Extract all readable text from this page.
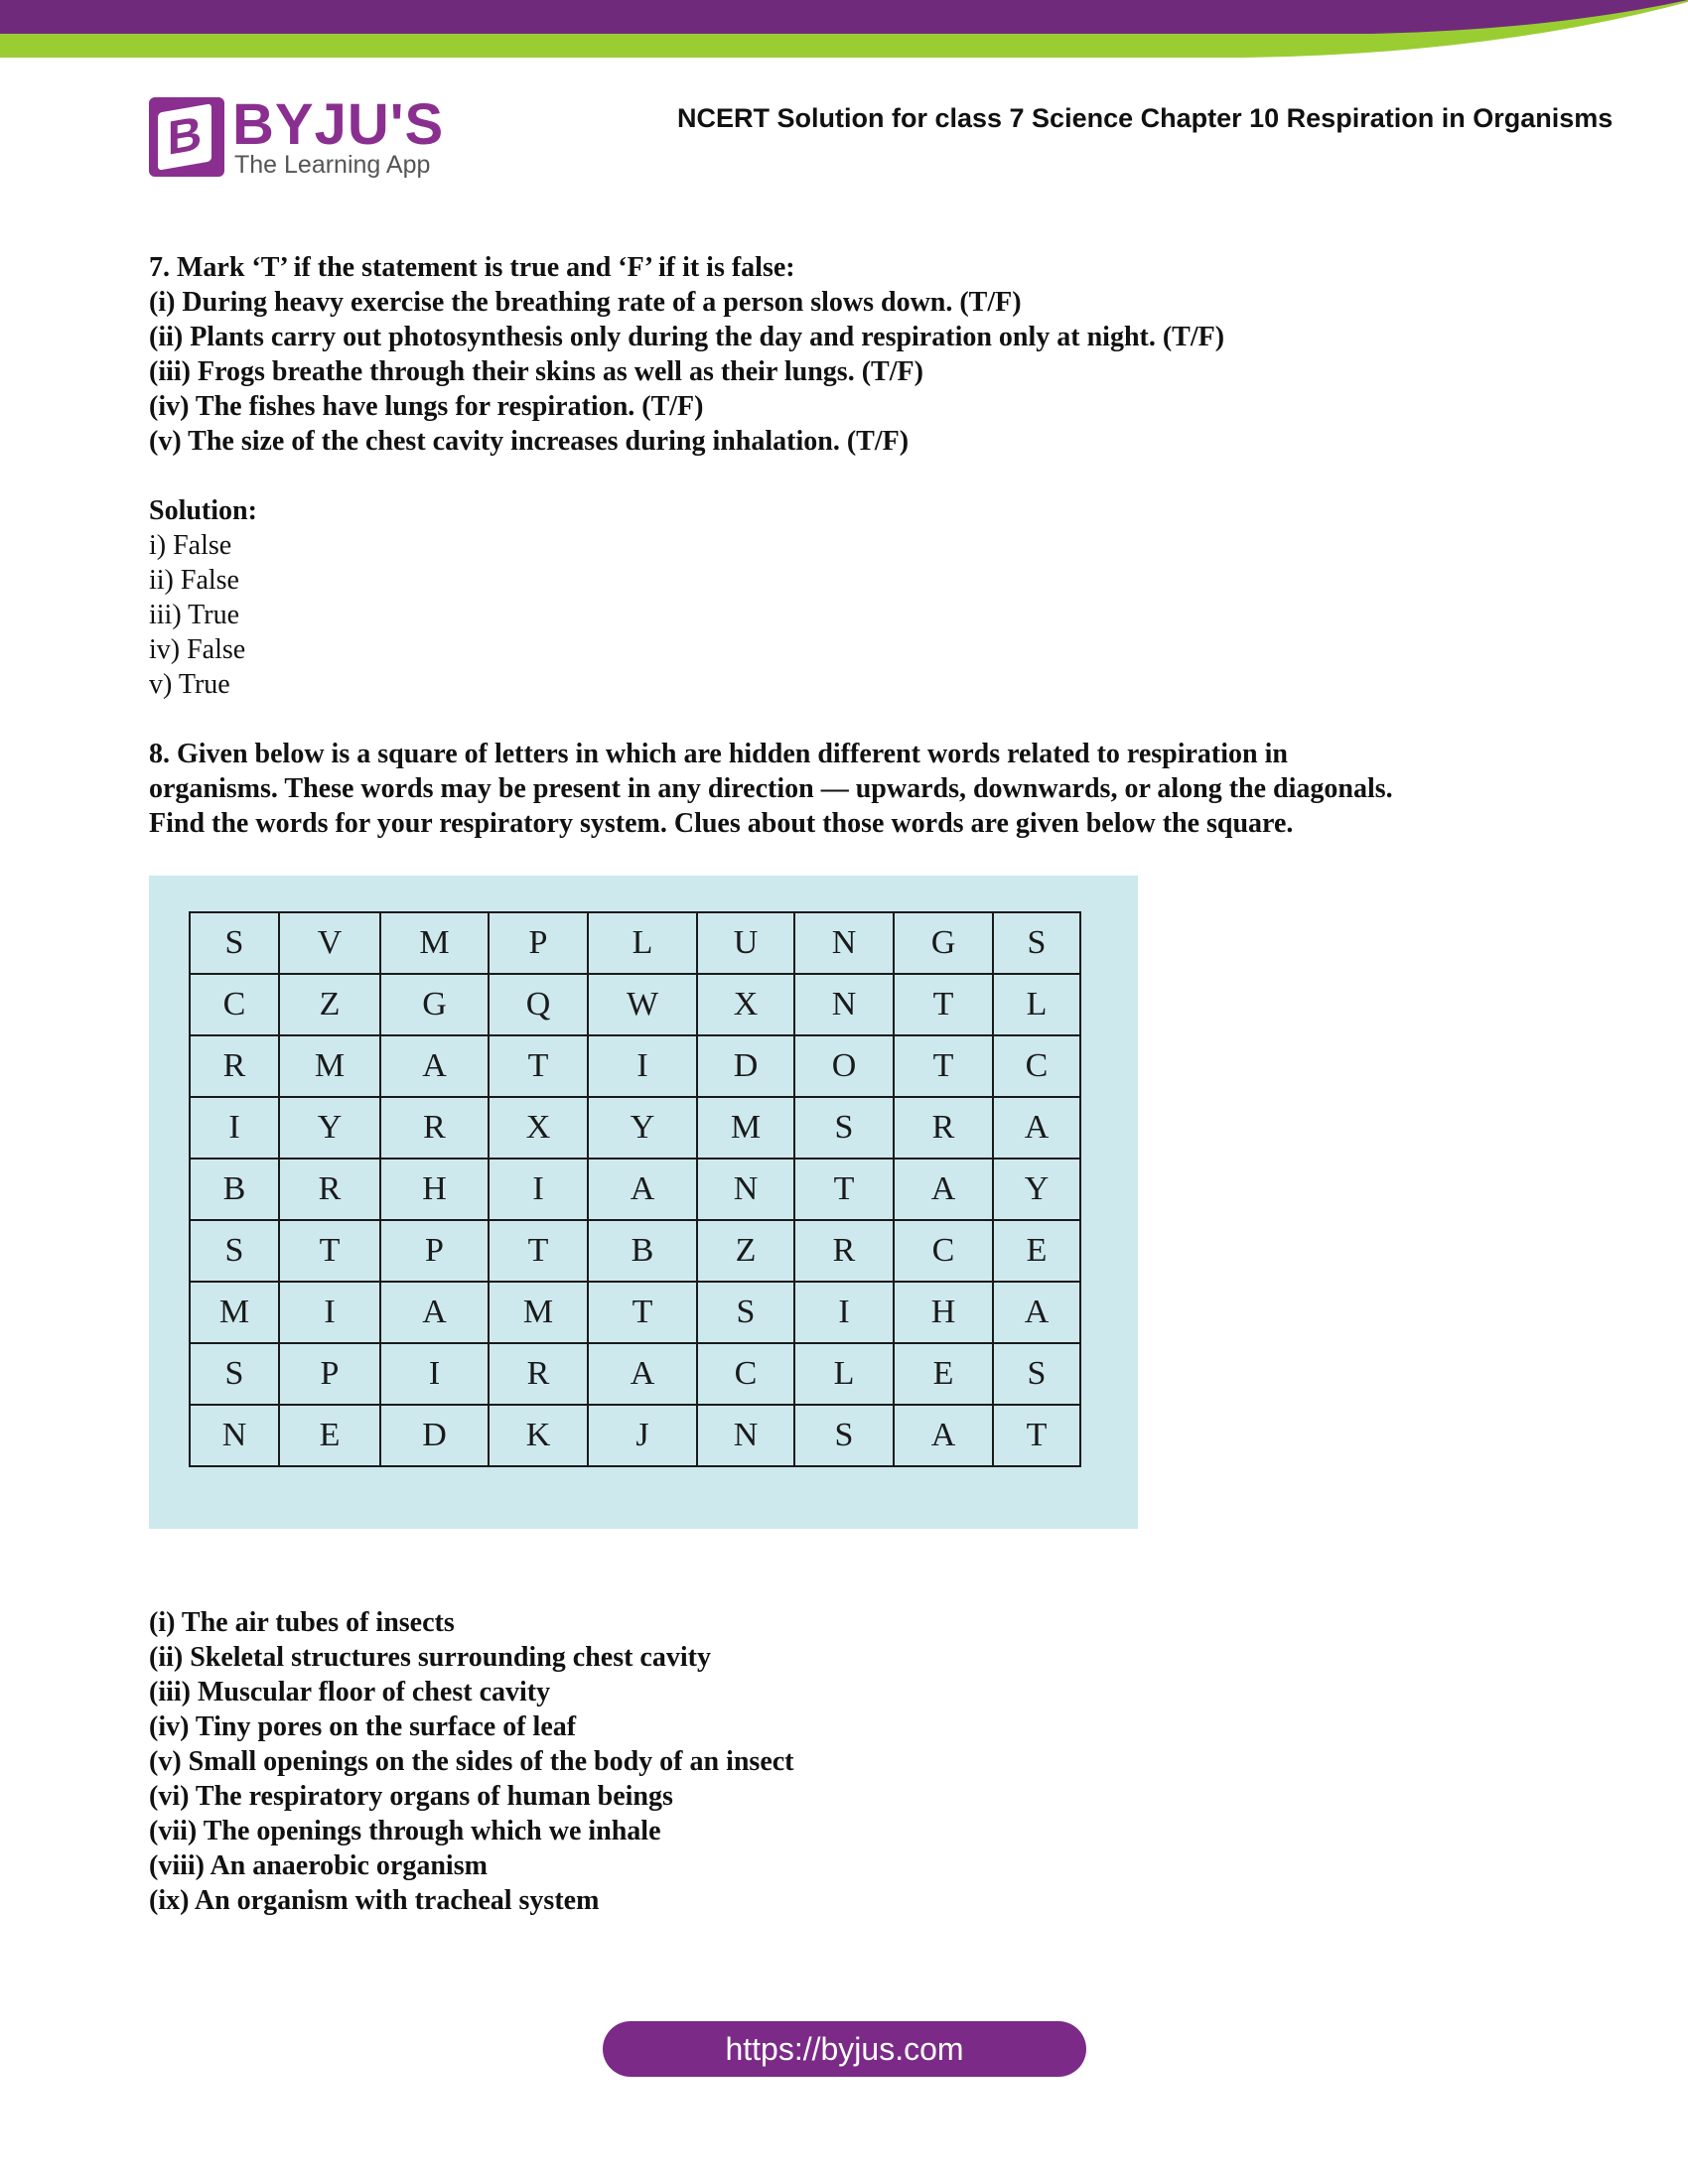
B BYJU'S
The Learning App
NCERT Solution for class 7 Science Chapter 10 Respiration in Organisms
7. Mark ‘T’ if the statement is true and ‘F’ if it is false:
(i) During heavy exercise the breathing rate of a person slows down. (T/F)
(ii) Plants carry out photosynthesis only during the day and respiration only at night. (T/F)
(iii) Frogs breathe through their skins as well as their lungs. (T/F)
(iv) The fishes have lungs for respiration. (T/F)
(v) The size of the chest cavity increases during inhalation. (T/F)
Solution:
i) False
ii) False
iii) True
iv) False
v) True
8. Given below is a square of letters in which are hidden different words related to respiration in
organisms. These words may be present in any direction — upwards, downwards, or along the diagonals.
Find the words for your respiratory system. Clues about those words are given below the square.
S	V	M	P	L	U	N	G	S
C	Z	G	Q	W	X	N	T	L
R	M	A	T	I	D	O	T	C
I	Y	R	X	Y	M	S	R	A
B	R	H	I	A	N	T	A	Y
S	T	P	T	B	Z	R	C	E
M	I	A	M	T	S	I	H	A
S	P	I	R	A	C	L	E	S
N	E	D	K	J	N	S	A	T
(i) The air tubes of insects
(ii) Skeletal structures surrounding chest cavity
(iii) Muscular floor of chest cavity
(iv) Tiny pores on the surface of leaf
(v) Small openings on the sides of the body of an insect
(vi) The respiratory organs of human beings
(vii) The openings through which we inhale
(viii) An anaerobic organism
(ix) An organism with tracheal system
https://byjus.com
